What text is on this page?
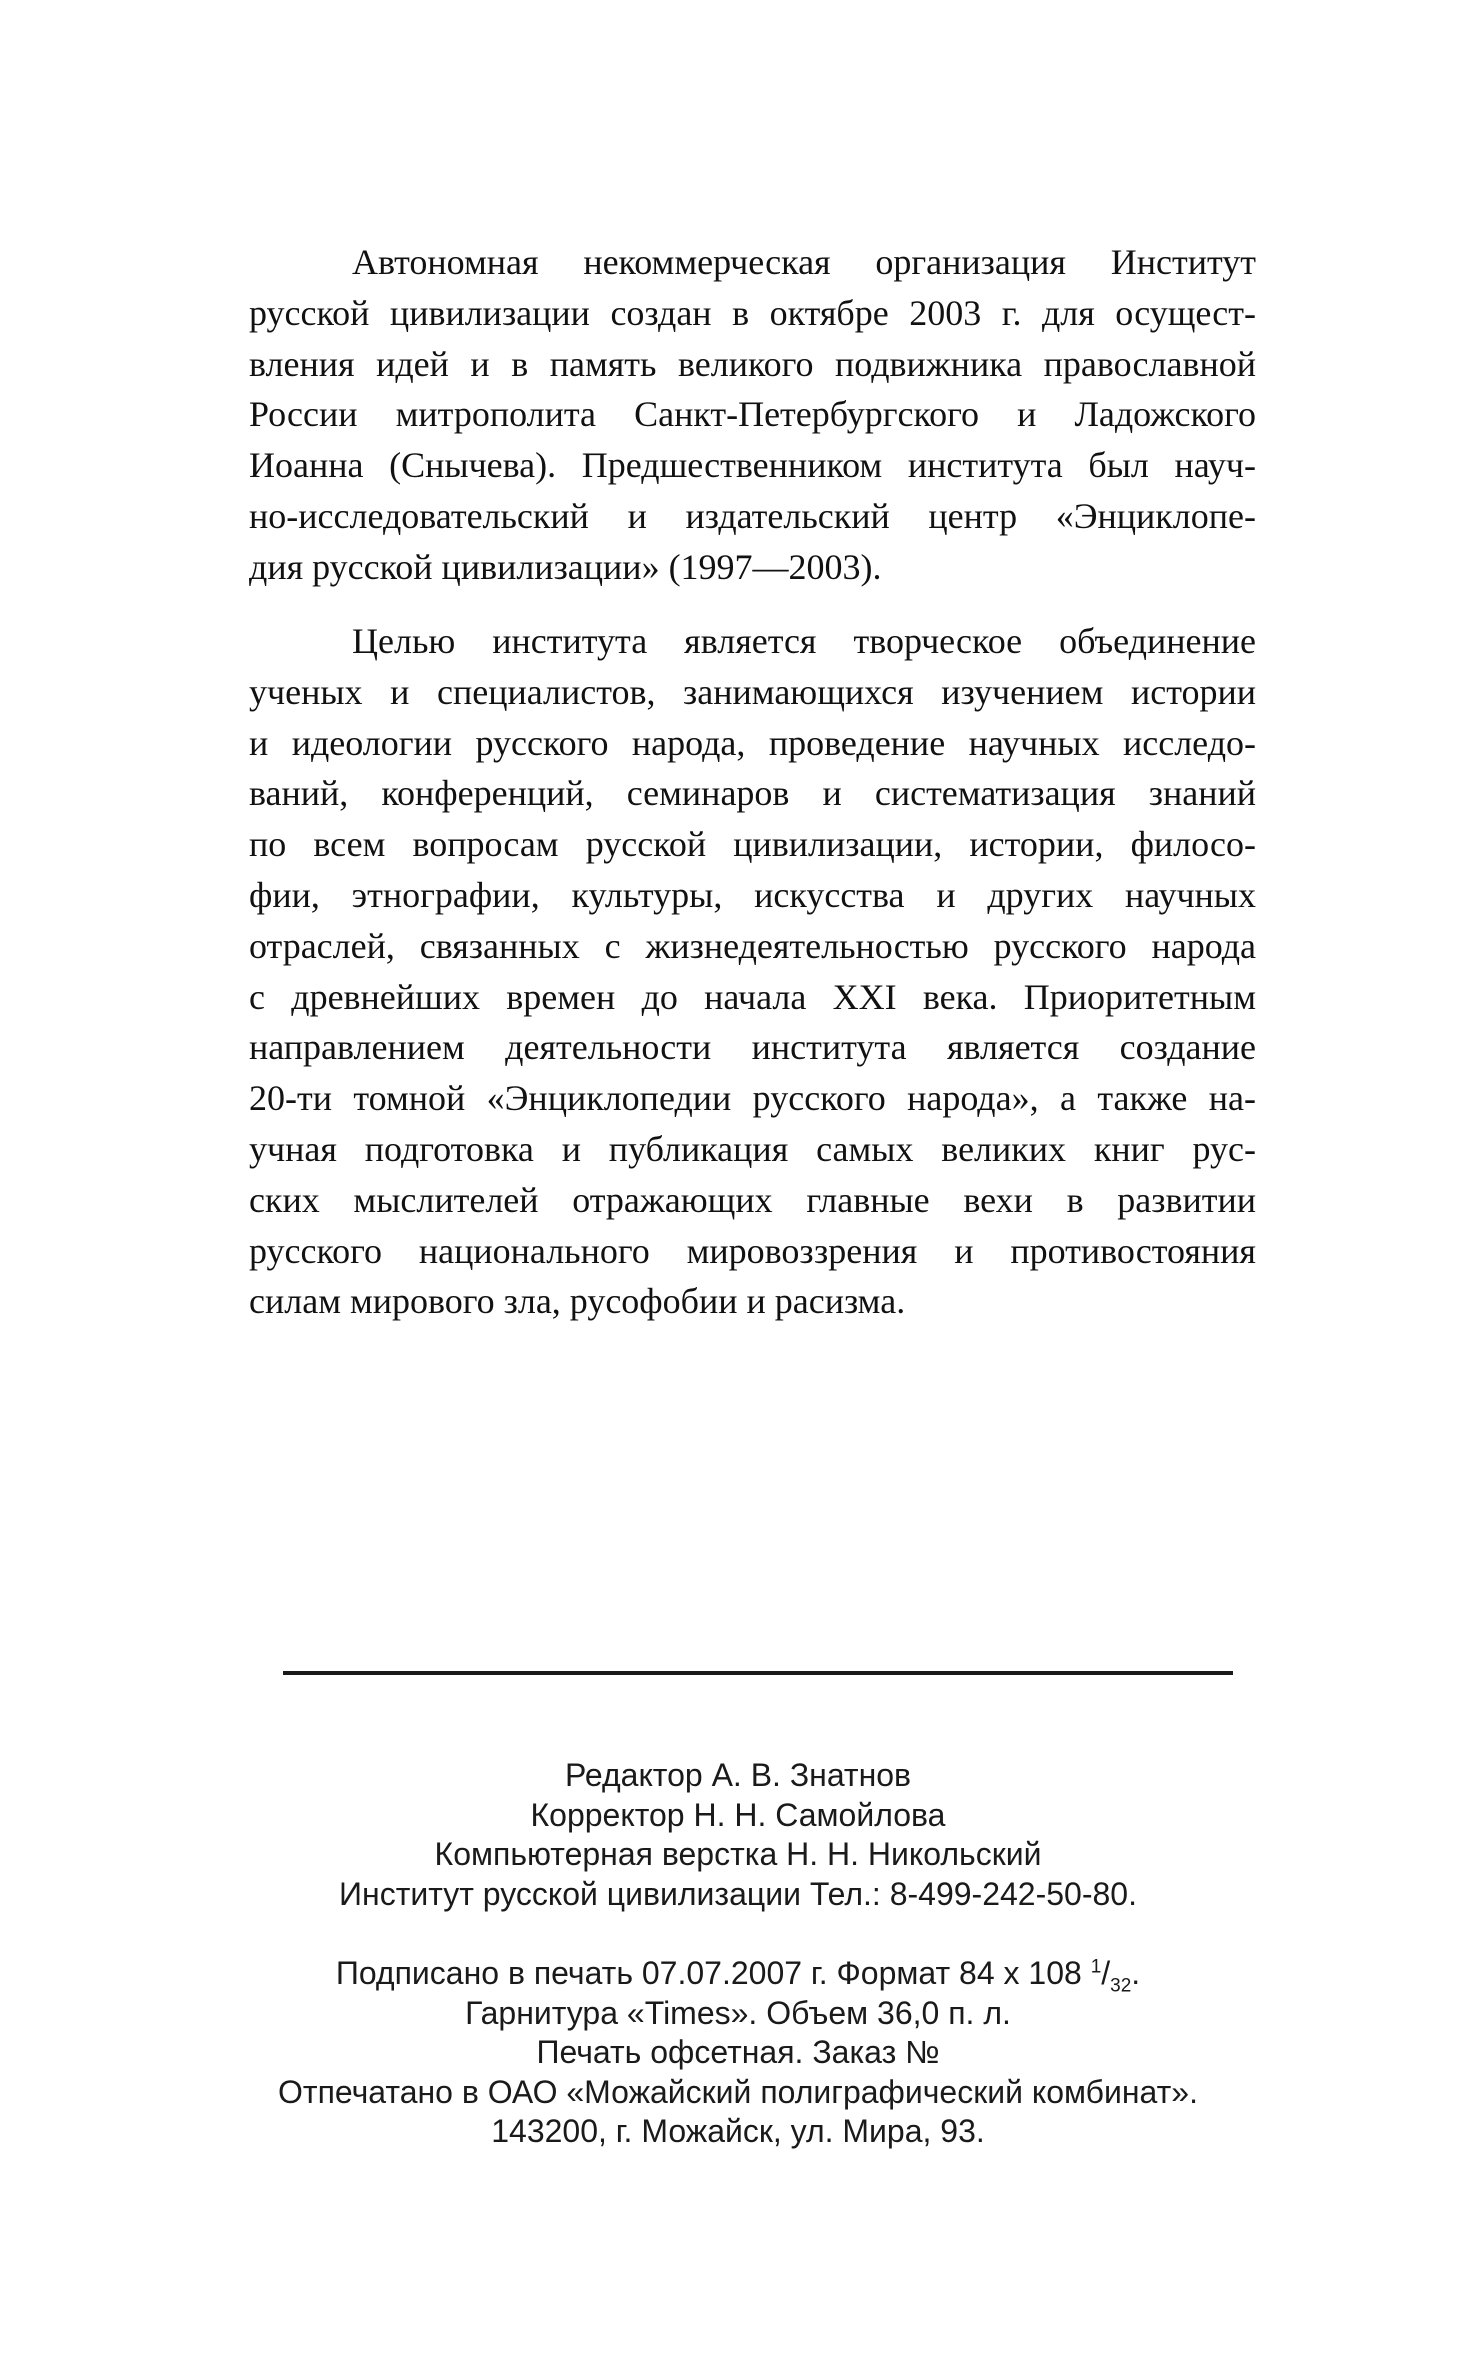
Автономная некоммерческая организация Институт
русской цивилизации создан в октябре 2003 г. для осущест-
вления идей и в память великого подвижника православной
России митрополита Санкт-Петербургского и Ладожского
Иоанна (Снычева). Предшественником института был науч-
но-исследовательский и издательский центр «Энциклопе-
дия русской цивилизации» (1997—2003).
Целью института является творческое объединение
ученых и специалистов, занимающихся изучением истории
и идеологии русского народа, проведение научных исследо-
ваний, конференций, семинаров и систематизация знаний
по всем вопросам русской цивилизации, истории, филосо-
фии, этнографии, культуры, искусства и других научных
отраслей, связанных с жизнедеятельностью русского народа
с древнейших времен до начала XXI века. Приоритетным
направлением деятельности института является создание
20-ти томной «Энциклопедии русского народа», а также на-
учная подготовка и публикация самых великих книг рус-
ских мыслителей отражающих главные вехи в развитии
русского национального мировоззрения и противостояния
силам мирового зла, русофобии и расизма.
Редактор А. В. Знатнов
Корректор Н. Н. Самойлова
Компьютерная верстка Н. Н. Никольский
Институт русской цивилизации Тел.: 8-499-242-50-80.
Подписано в печать 07.07.2007 г. Формат 84 х 108 $^1/_{32}$.
Гарнитура «Times». Объем 36,0 п. л.
Печать офсетная. Заказ №
Отпечатано в ОАО «Можайский полиграфический комбинат».
143200, г. Можайск, ул. Мира, 93.
